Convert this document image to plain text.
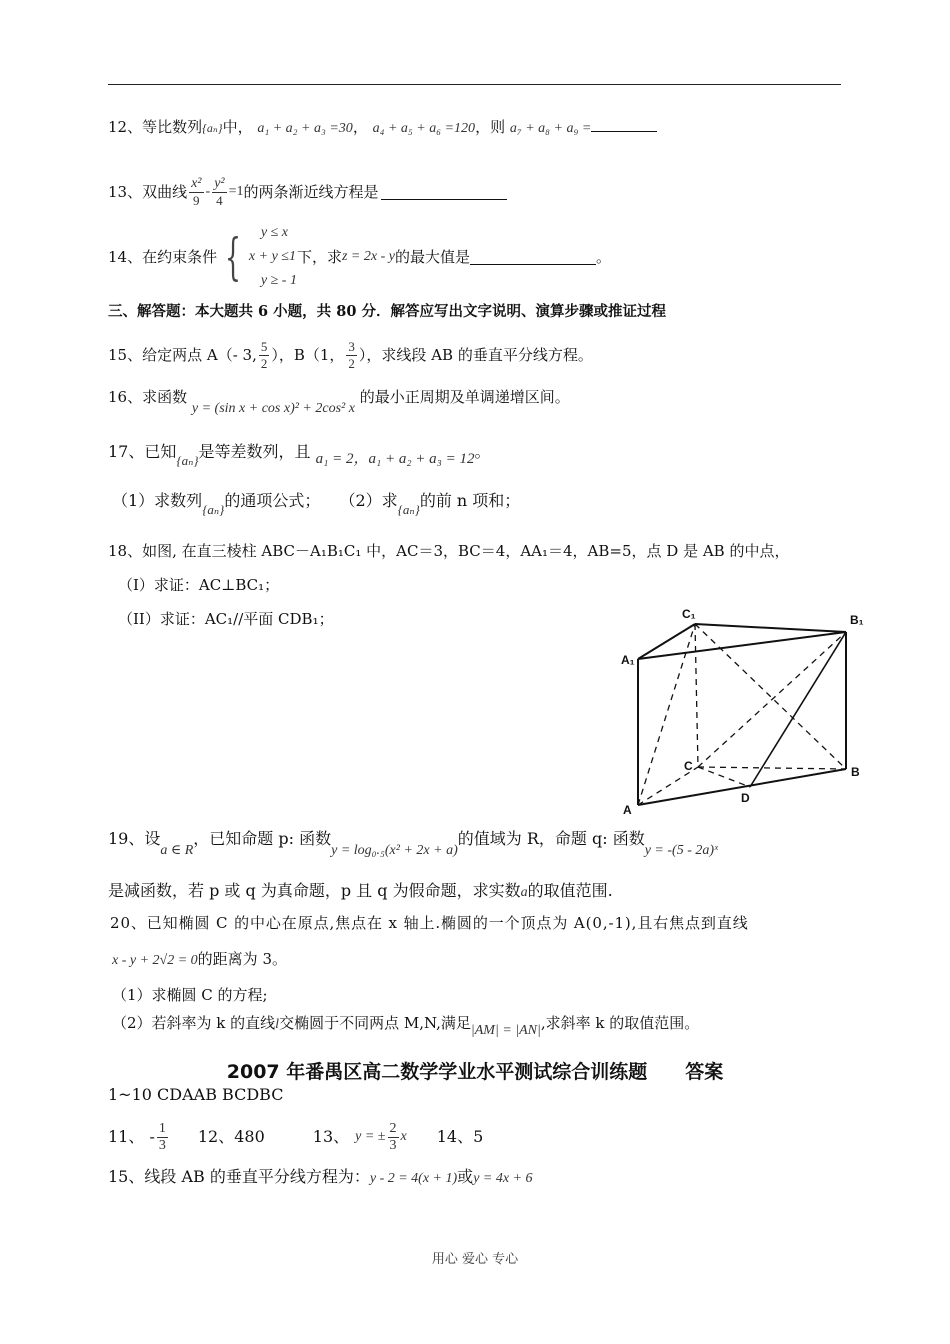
12、等比数列{aₙ}中， a₁ + a₂ + a₃ =30， a₄ + a₅ + a₆ =120，则 a₇ + a₈ + a₉ =
13、双曲线 $\frac{\text{x²}}{9} - \frac{\text{y²}}{4} =1$ 的两条渐近线方程是
14、在约束条件 {	y ≤ x
x + y ≤1
y ≥ - 1
下，求 z = 2x - y 的最大值是	。
三、解答题：本大题共 6 小题，共 80 分．解答应写出文字说明、演算步骤或推证过程
15、给定两点 A（- 3, $\frac{5}{2}$ ），B（1， $\frac{3}{2}$ ），求线段 AB 的垂直平分线方程。
16、求函数 y = (sin x + cos x)² + 2cos² x 的最小正周期及单调递增区间。
17、已知$_{\{a_n\}}$是等差数列，且 a₁ = 2，a₁ + a₂ + a₃ = 12。
（1）求数列$_{\{a_n\}}$的通项公式； （2）求$_{\{a_n\}}$的前 n 项和；
18、如图, 在直三棱柱 ABC－A₁B₁C₁ 中，AC＝3，BC＝4，AA₁＝4，AB=5，点 D 是 AB 的中点，
（I）求证：AC⊥BC₁；
（II）求证：AC₁//平面 CDB₁；	C₁	B₁
A₁
C	B
A
D
19、设a ∈ R，已知命题 p: 函数y = log₀.₅(x² + 2x + a)的值域为 R，命题 q: 函数y = -(5 - 2a)ˣ
是减函数，若 p 或 q 为真命题，p 且 q 为假命题，求实数a的取值范围.
20、已知椭圆 C 的中心在原点,焦点在 x 轴上.椭圆的一个顶点为 A(0,-1),且右焦点到直线
x - y + 2√2 = 0的距离为 3。
（1）求椭圆 C 的方程;
（2）若斜率为 k 的直线l交椭圆于不同两点 M,N,满足|AM| = |AN|,求斜率 k 的取值范围。
2007 年番禺区高二数学学业水平测试综合训练题　　答案
1~10 CDAAB BCDBC
11、 - $\frac{1}{3} 12$、480	13、 y = ± $\frac{2}{3}$ x 14、5
15、线段 AB 的垂直平分线方程为：y - 2 = 4(x + 1)或y = 4x + 6
用心 爱心 专心
